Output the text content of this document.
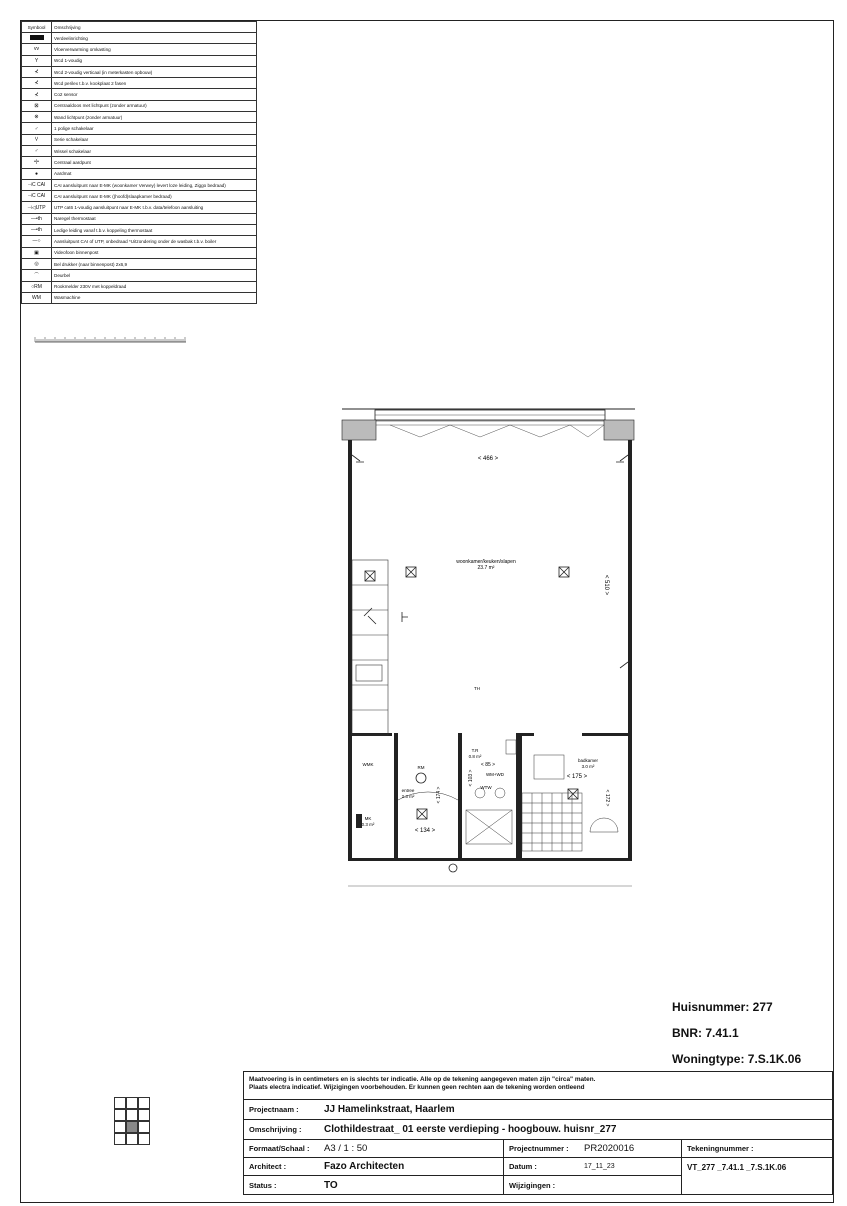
Symbool	Omschrijving
	Verdeelinrichting
vv	Vloerverwarming omkasting
Y	Wcd 1-voudig
⊀	Wcd 2-voudig verticaal (in meterkasten opbouw)
⊀	Wcd perilex t.b.v. kookplaat 2 fasen
⊀	Co2 sensor
⊠	Centraaldoos met lichtpunt (zonder armatuur)
⊗	Wand lichtpunt (zonder armatuur)
♂	1 polige schakelaar
Ⴤ	Serie schakelaar
♂	Wissel schakelaar
•|•	Centraal aardpunt
●	Aardmat
⊣C CAI	CAI aansluitpunt naar E-MK (woonkamer Verwey) levert loze leiding, Ziggo bedraad)
⊣C CAI	CAI aansluitpunt naar E-MK ((hoofd)slaapkamer bedraad)
⊣◁UTP	UTP cat6 1-voudig aansluitpunt naar E-MK t.b.v. data/telefoon aansluiting
—•th	Naregel thermostaat
—•th	Ledige leiding vanaf t.b.v. koppeling thermostaat
—○	Aansluitpunt CAI of UTP, onbedraad *Uitzondering onder de wasbak t.b.v. boiler
▣	Videofoon binnenpost
◎	Bel drukker (naar binnenpost) 2x6,9
⌒	Deurbel
○RM	Rookmelder 230V met koppeldraad
WM	Wasmachine
< 466 >
woonkamer/keuken/slapen
23.7 m²
< 510 >
TH
RM
entree
2.3 m²
< 134 >
< 174 >
T.R
0.8 m²
< 85 >
< 103 >	WM+WD
WTW
badkamer
3.0 m²
< 175 >
< 172 >
WMK
MK
0.3 m²
Huisnummer: 277
BNR: 7.41.1
Woningtype: 7.S.1K.06
Maatvoering is in centimeters en is slechts ter indicatie. Alle op de tekening aangegeven maten zijn "circa" maten.
Plaats electra indicatief. Wijzigingen voorbehouden. Er kunnen geen rechten aan de tekening worden ontleend
Projectnaam :	JJ Hamelinkstraat, Haarlem
Omschrijving :	Clothildestraat_ 01 eerste verdieping - hoogbouw. huisnr_277
Formaat/Schaal :	A3 / 1 : 50	Projectnummer :	PR2020016	Tekeningnummer :
Architect :	Fazo Architecten	Datum :	17_11_23	VT_277 _7.41.1 _7.S.1K.06
Status :	TO	Wijzigingen :
